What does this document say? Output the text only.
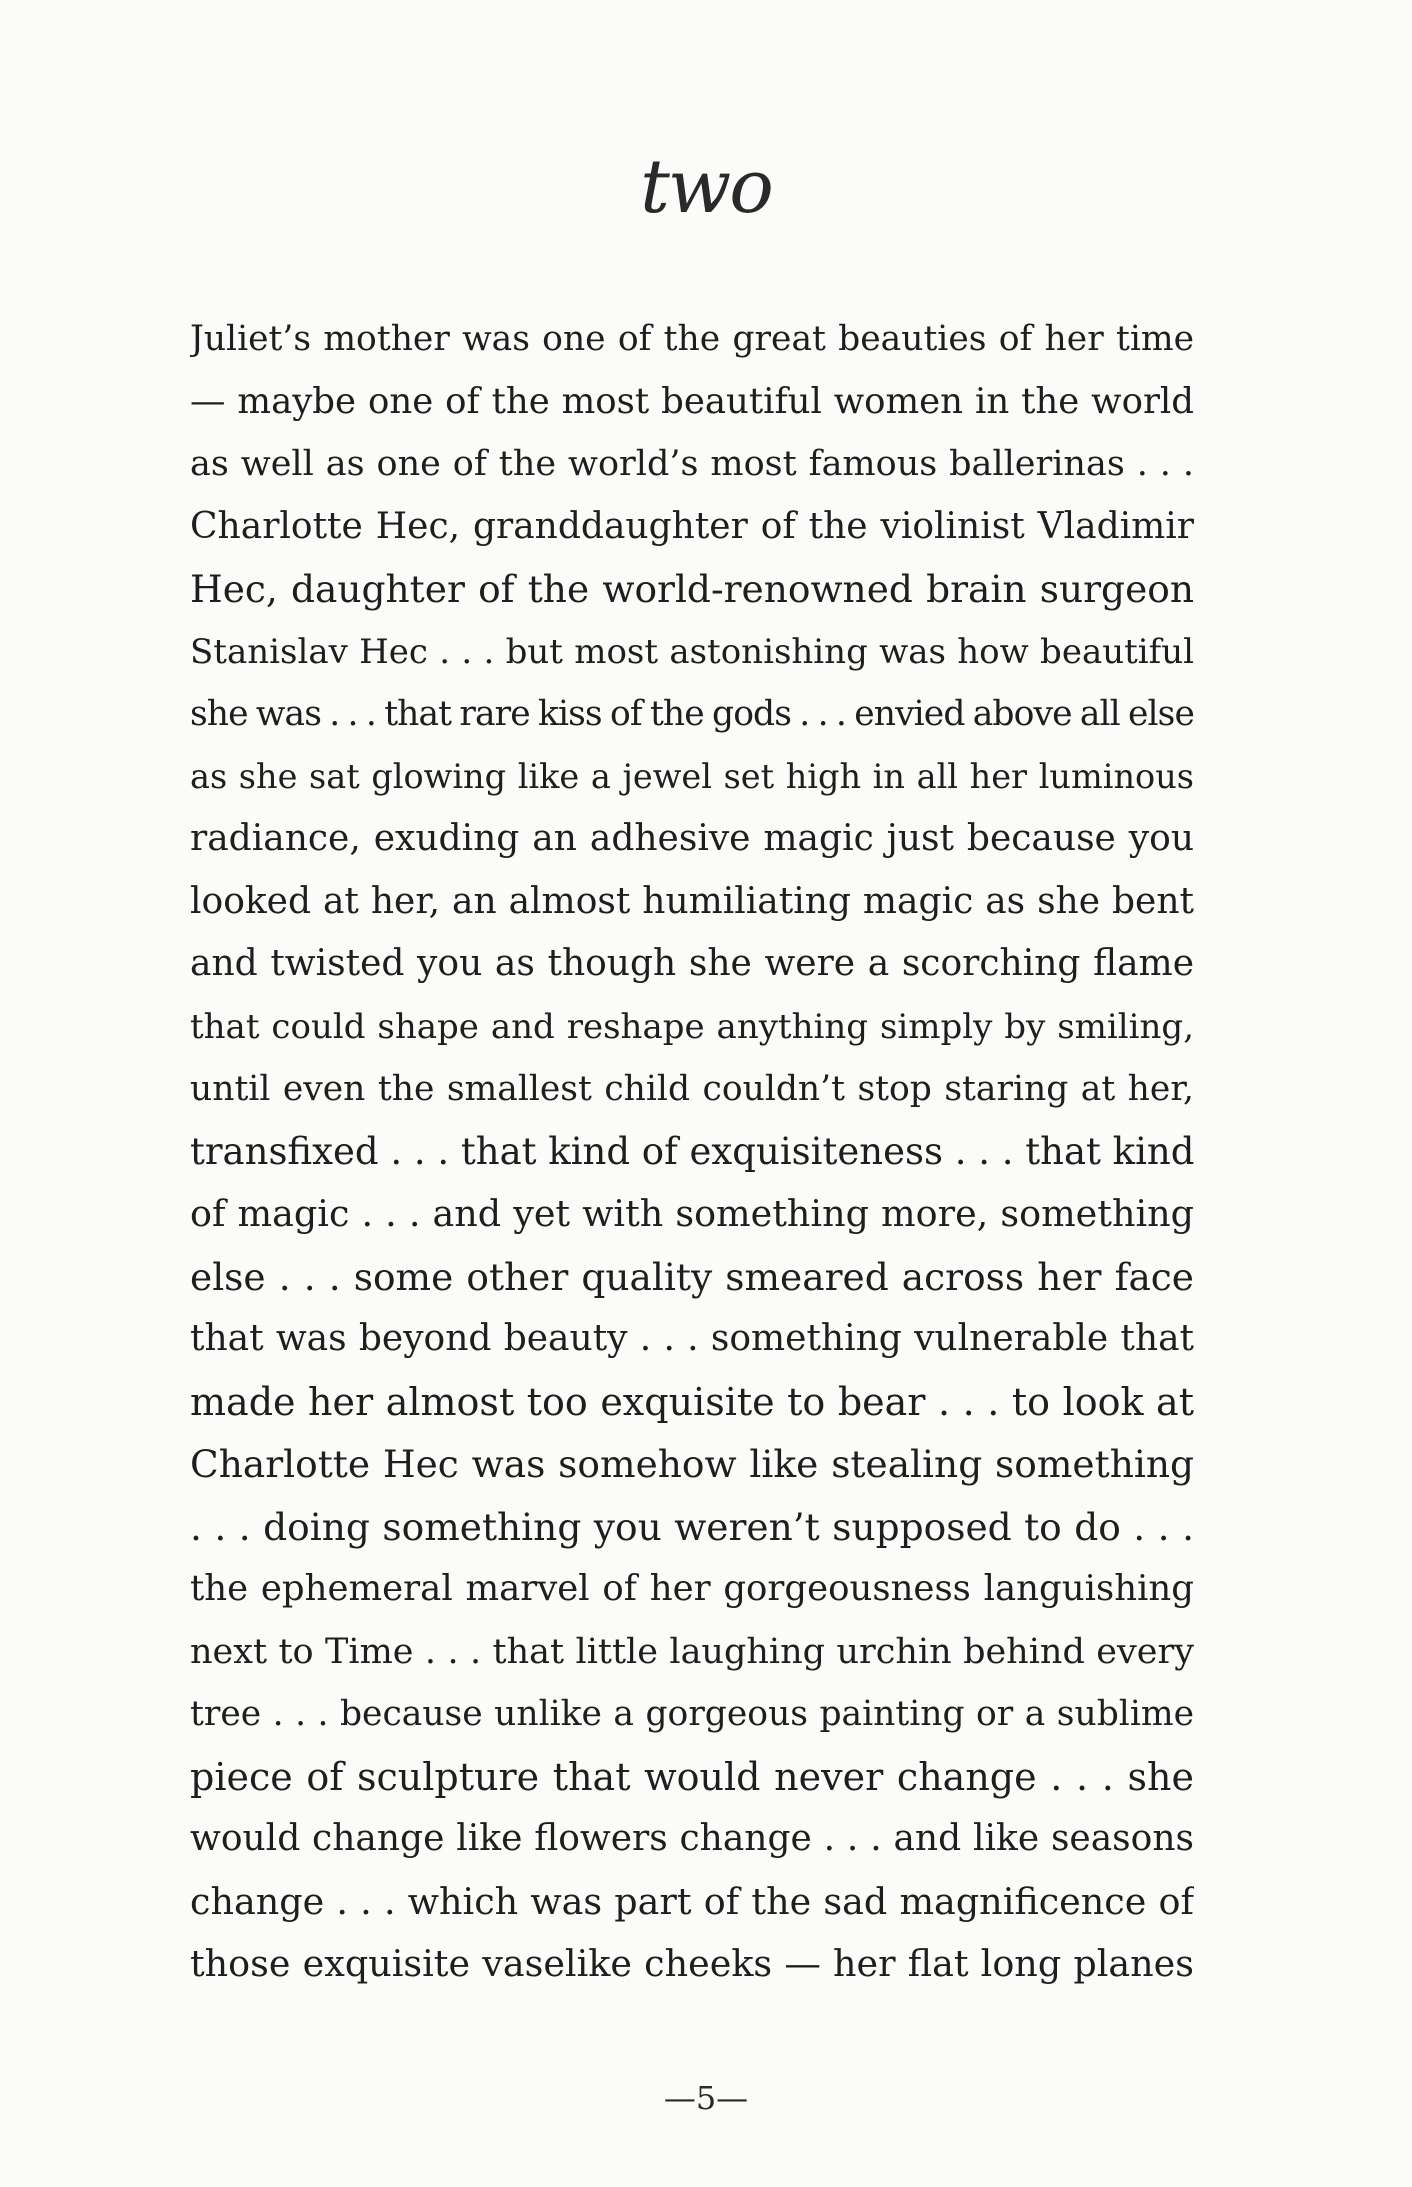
two
Juliet’s mother was one of the great beauties of her time
— maybe one of the most beautiful women in the world
as well as one of the world’s most famous ballerinas . . .
Charlotte Hec, granddaughter of the violinist Vladimir
Hec, daughter of the world-renowned brain surgeon
Stanislav Hec . . . but most astonishing was how beautiful
she was . . . that rare kiss of the gods . . . envied above all else
as she sat glowing like a jewel set high in all her luminous
radiance, exuding an adhesive magic just because you
looked at her, an almost humiliating magic as she bent
and twisted you as though she were a scorching flame
that could shape and reshape anything simply by smiling,
until even the smallest child couldn’t stop staring at her,
transfixed . . . that kind of exquisiteness . . . that kind
of magic . . . and yet with something more, something
else . . . some other quality smeared across her face
that was beyond beauty . . . something vulnerable that
made her almost too exquisite to bear . . . to look at
Charlotte Hec was somehow like stealing something
. . . doing something you weren’t supposed to do . . .
the ephemeral marvel of her gorgeousness languishing
next to Time . . . that little laughing urchin behind every
tree . . . because unlike a gorgeous painting or a sublime
piece of sculpture that would never change . . . she
would change like flowers change . . . and like seasons
change . . . which was part of the sad magnificence of
those exquisite vaselike cheeks — her flat long planes
—5—
